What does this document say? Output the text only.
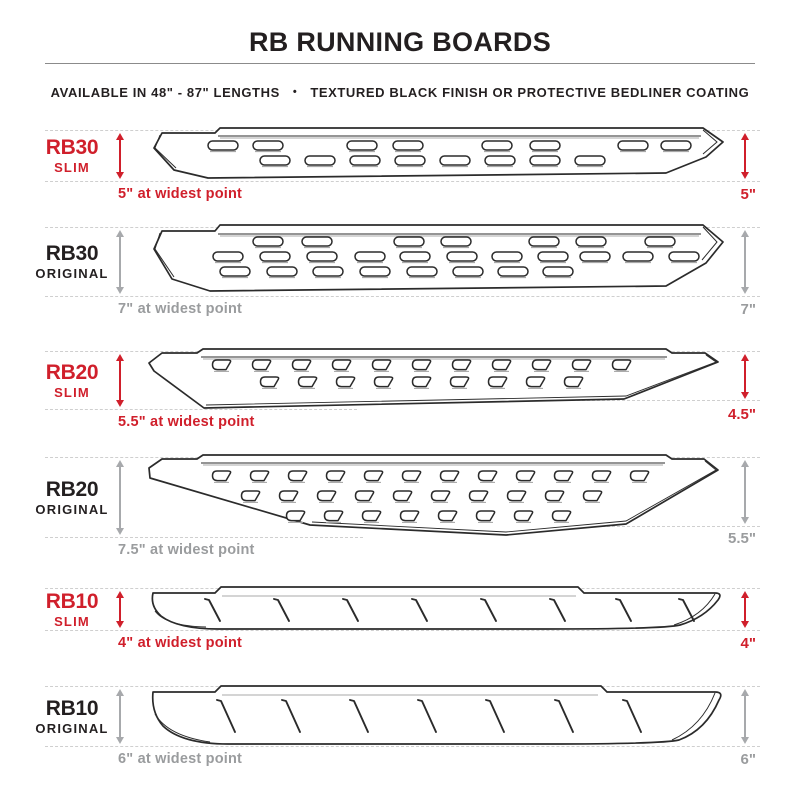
RB RUNNING BOARDS

AVAILABLE IN 48" - 87" LENGTHS • TEXTURED BLACK FINISH OR PROTECTIVE BEDLINER COATING

RB30
SLIM
5" at widest point	5"
RB30
ORIGINAL
7" at widest point	7"
RB20
SLIM
5.5" at widest point	4.5"
RB20
ORIGINAL
7.5" at widest point
5.5"
RB10
SLIM
4" at widest point	4"
RB10
ORIGINAL
6" at widest point	6"
